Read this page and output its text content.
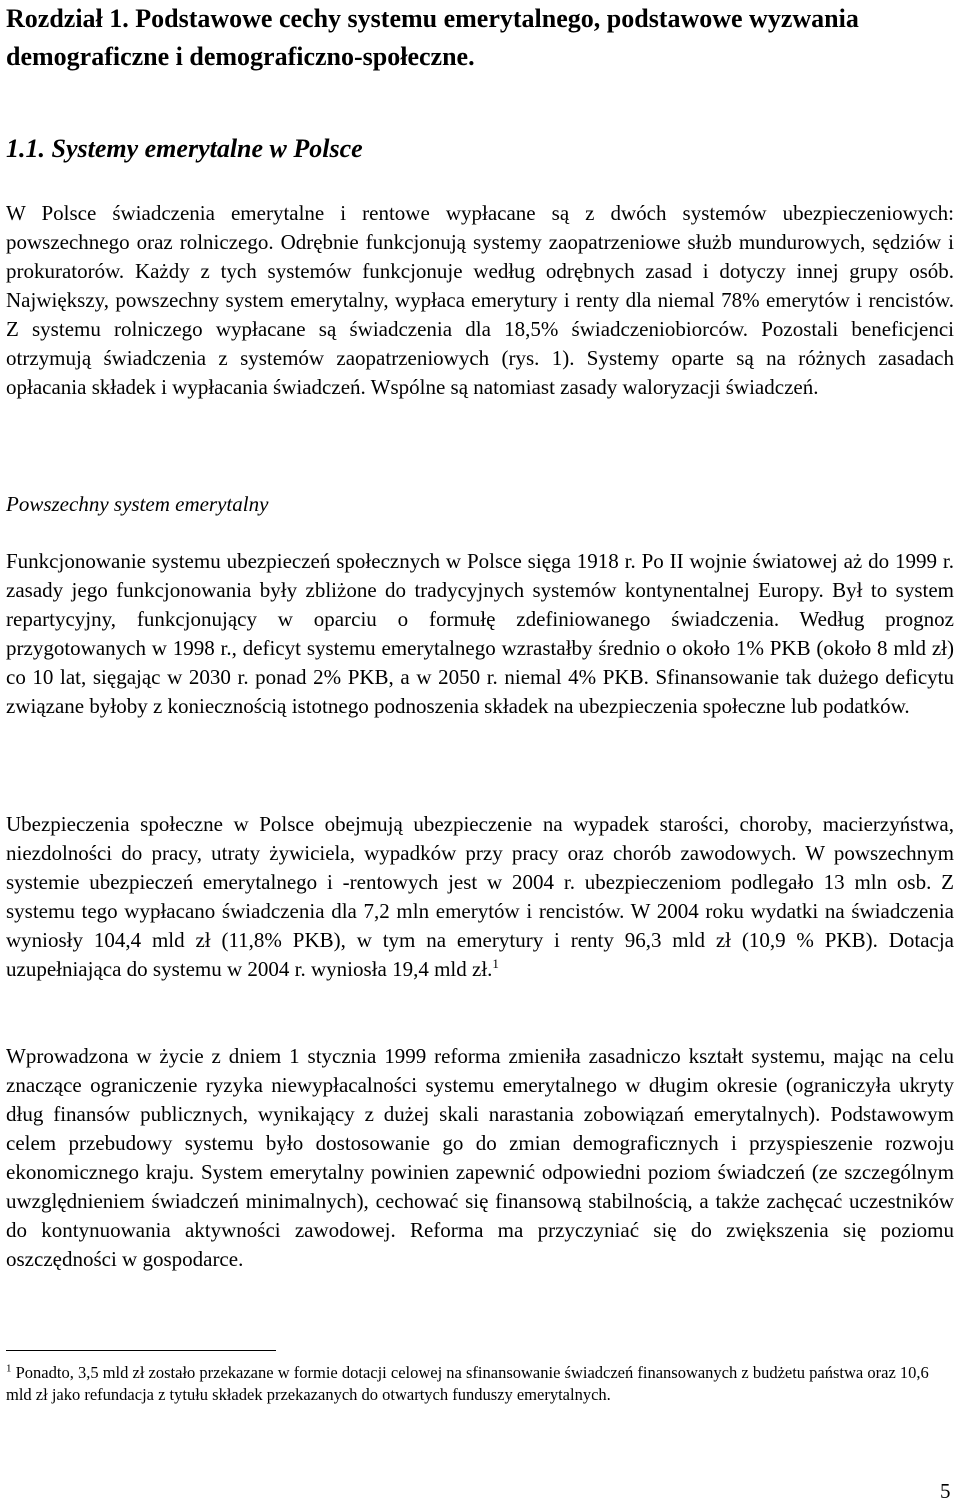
Rozdział 1. Podstawowe cechy systemu emerytalnego, podstawowe wyzwania demograficzne i demograficzno-społeczne.
1.1. Systemy emerytalne w Polsce

W Polsce świadczenia emerytalne i rentowe wypłacane są z dwóch systemów ubezpieczeniowych: powszechnego oraz rolniczego. Odrębnie funkcjonują systemy zaopatrzeniowe służb mundurowych, sędziów i prokuratorów. Każdy z tych systemów funkcjonuje według odrębnych zasad i dotyczy innej grupy osób. Największy, powszechny system emerytalny, wypłaca emerytury i renty dla niemal 78% emerytów i rencistów. Z systemu rolniczego wypłacane są świadczenia dla 18,5% świadczeniobiorców. Pozostali beneficjenci otrzymują świadczenia z systemów zaopatrzeniowych (rys. 1). Systemy oparte są na różnych zasadach opłacania składek i wypłacania świadczeń. Wspólne są natomiast zasady waloryzacji świadczeń.

Powszechny system emerytalny

Funkcjonowanie systemu ubezpieczeń społecznych w Polsce sięga 1918 r. Po II wojnie światowej aż do 1999 r. zasady jego funkcjonowania były zbliżone do tradycyjnych systemów kontynentalnej Europy. Był to system repartycyjny, funkcjonujący w oparciu o formułę zdefiniowanego świadczenia. Według prognoz przygotowanych w 1998 r., deficyt systemu emerytalnego wzrastałby średnio o około 1% PKB (około 8 mld zł) co 10 lat, sięgając w 2030 r. ponad 2% PKB, a w 2050 r. niemal 4% PKB. Sfinansowanie tak dużego deficytu związane byłoby z koniecznością istotnego podnoszenia składek na ubezpieczenia społeczne lub podatków.

Ubezpieczenia społeczne w Polsce obejmują ubezpieczenie na wypadek starości, choroby, macierzyństwa, niezdolności do pracy, utraty żywiciela, wypadków przy pracy oraz chorób zawodowych. W powszechnym systemie ubezpieczeń emerytalnego i -rentowych jest w 2004 r. ubezpieczeniom podlegało 13 mln osb. Z systemu tego wypłacano świadczenia dla 7,2 mln emerytów i rencistów. W 2004 roku wydatki na świadczenia wyniosły 104,4 mld zł (11,8% PKB), w tym na emerytury i renty 96,3 mld zł (10,9 % PKB). Dotacja uzupełniająca do systemu w 2004 r. wyniosła 19,4 mld zł.$^1$

Wprowadzona w życie z dniem 1 stycznia 1999 reforma zmieniła zasadniczo kształt systemu, mając na celu znaczące ograniczenie ryzyka niewypłacalności systemu emerytalnego w długim okresie (ograniczyła ukryty dług finansów publicznych, wynikający z dużej skali narastania zobowiązań emerytalnych). Podstawowym celem przebudowy systemu było dostosowanie go do zmian demograficznych i przyspieszenie rozwoju ekonomicznego kraju. System emerytalny powinien zapewnić odpowiedni poziom świadczeń (ze szczególnym uwzględnieniem świadczeń minimalnych), cechować się finansową stabilnością, a także zachęcać uczestników do kontynuowania aktywności zawodowej. Reforma ma przyczyniać się do zwiększenia się poziomu oszczędności w gospodarce.

$^1$ Ponadto, 3,5 mld zł zostało przekazane w formie dotacji celowej na sfinansowanie świadczeń finansowanych z budżetu państwa oraz 10,6 mld zł jako refundacja z tytułu składek przekazanych do otwartych funduszy emerytalnych.

5
